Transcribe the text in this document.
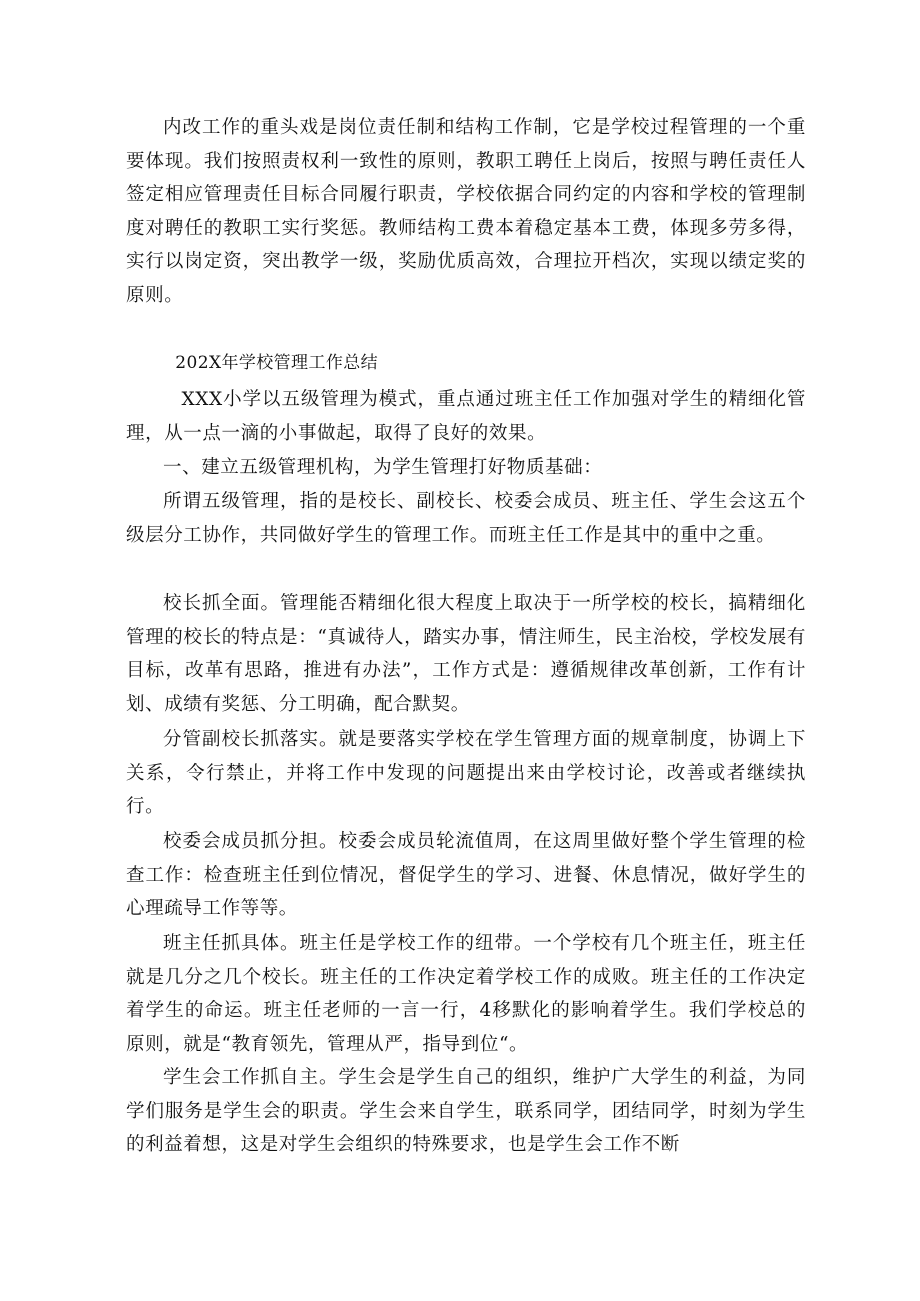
内改工作的重头戏是岗位责任制和结构工作制，它是学校过程管理的一个重要体现。我们按照责权利一致性的原则，教职工聘任上岗后，按照与聘任责任人签定相应管理责任目标合同履行职责，学校依据合同约定的内容和学校的管理制度对聘任的教职工实行奖惩。教师结构工费本着稳定基本工费，体现多劳多得，实行以岗定资，突出教学一级，奖励优质高效，合理拉开档次，实现以绩定奖的原则。

202X年学校管理工作总结

XXX小学以五级管理为模式，重点通过班主任工作加强对学生的精细化管理，从一点一滴的小事做起，取得了良好的效果。

一、建立五级管理机构，为学生管理打好物质基础：

所谓五级管理，指的是校长、副校长、校委会成员、班主任、学生会这五个级层分工协作，共同做好学生的管理工作。而班主任工作是其中的重中之重。

校长抓全面。管理能否精细化很大程度上取决于一所学校的校长，搞精细化管理的校长的特点是：“真诚待人，踏实办事，情注师生，民主治校，学校发展有目标，改革有思路，推进有办法”，工作方式是：遵循规律改革创新，工作有计划、成绩有奖惩、分工明确，配合默契。

分管副校长抓落实。就是要落实学校在学生管理方面的规章制度，协调上下关系，令行禁止，并将工作中发现的问题提出来由学校讨论，改善或者继续执行。

校委会成员抓分担。校委会成员轮流值周，在这周里做好整个学生管理的检查工作：检查班主任到位情况，督促学生的学习、进餐、休息情况，做好学生的心理疏导工作等等。

班主任抓具体。班主任是学校工作的纽带。一个学校有几个班主任，班主任就是几分之几个校长。班主任的工作决定着学校工作的成败。班主任的工作决定着学生的命运。班主任老师的一言一行，4移默化的影响着学生。我们学校总的原则，就是“教育领先，管理从严，指导到位“。

学生会工作抓自主。学生会是学生自己的组织，维护广大学生的利益，为同学们服务是学生会的职责。学生会来自学生，联系同学，团结同学，时刻为学生的利益着想，这是对学生会组织的特殊要求，也是学生会工作不断
